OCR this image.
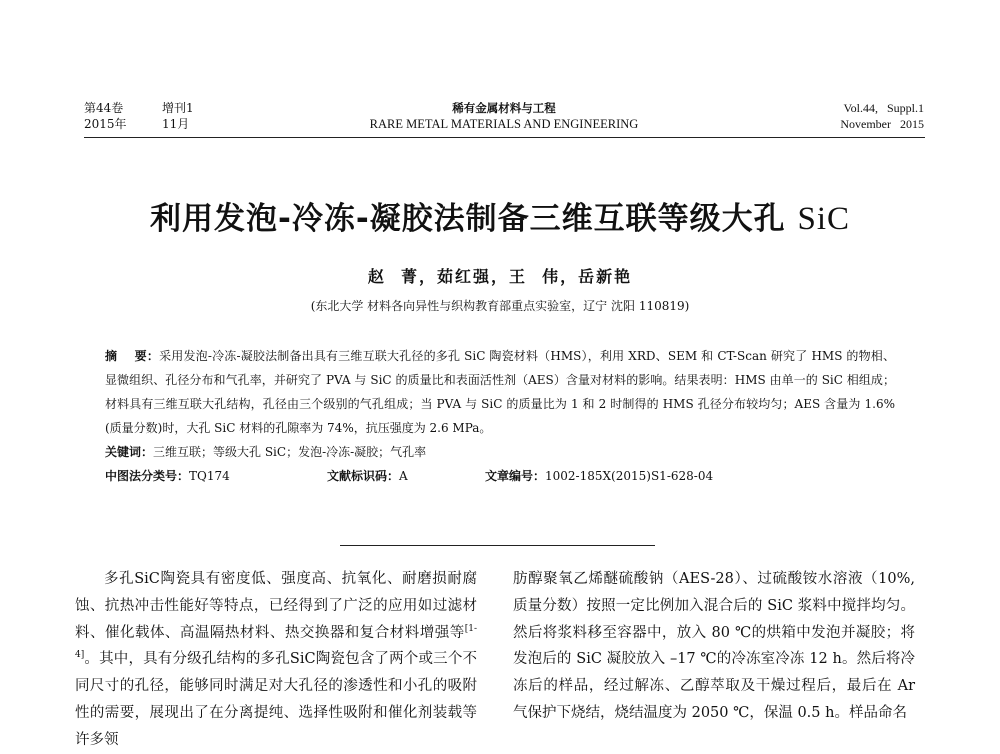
第44卷	增刊1
2015年	11月
稀有金属材料与工程
RARE METAL MATERIALS AND ENGINEERING
Vol.44,   Suppl.1
November   2015
利用发泡-冷冻-凝胶法制备三维互联等级大孔 SiC
赵  菁，茹红强，王  伟，岳新艳
(东北大学 材料各向异性与织构教育部重点实验室，辽宁 沈阳 110819)

摘    要：采用发泡-冷冻-凝胶法制备出具有三维互联大孔径的多孔 SiC 陶瓷材料（HMS），利用 XRD、SEM 和 CT-Scan 研究了 HMS 的物相、显微组织、孔径分布和气孔率，并研究了 PVA 与 SiC 的质量比和表面活性剂（AES）含量对材料的影响。结果表明：HMS 由单一的 SiC 相组成；材料具有三维互联大孔结构，孔径由三个级别的气孔组成；当 PVA 与 SiC 的质量比为 1 和 2 时制得的 HMS 孔径分布较均匀；AES 含量为 1.6%(质量分数)时，大孔 SiC 材料的孔隙率为 74%，抗压强度为 2.6 MPa。

关键词：三维互联；等级大孔 SiC；发泡-冷冻-凝胶；气孔率

中图法分类号：TQ174	文献标识码：A	文章编号：1002-185X(2015)S1-628-04

多孔SiC陶瓷具有密度低、强度高、抗氧化、耐磨损耐腐蚀、抗热冲击性能好等特点，已经得到了广泛的应用如过滤材料、催化载体、高温隔热材料、热交换器和复合材料增强等[1-4]。其中，具有分级孔结构的多孔SiC陶瓷包含了两个或三个不同尺寸的孔径，能够同时满足对大孔径的渗透性和小孔的吸附性的需要，展现出了在分离提纯、选择性吸附和催化剂装载等许多领

肪醇聚氧乙烯醚硫酸钠（AES-28）、过硫酸铵水溶液（10%, 质量分数）按照一定比例加入混合后的 SiC 浆料中搅拌均匀。然后将浆料移至容器中，放入 80 ℃的烘箱中发泡并凝胶；将发泡后的 SiC 凝胶放入 –17 ℃的冷冻室冷冻 12 h。然后将冷冻后的样品，经过解冻、乙醇萃取及干燥过程后，最后在 Ar 气保护下烧结，烧结温度为 2050 ℃，保温 0.5 h。样品命名
